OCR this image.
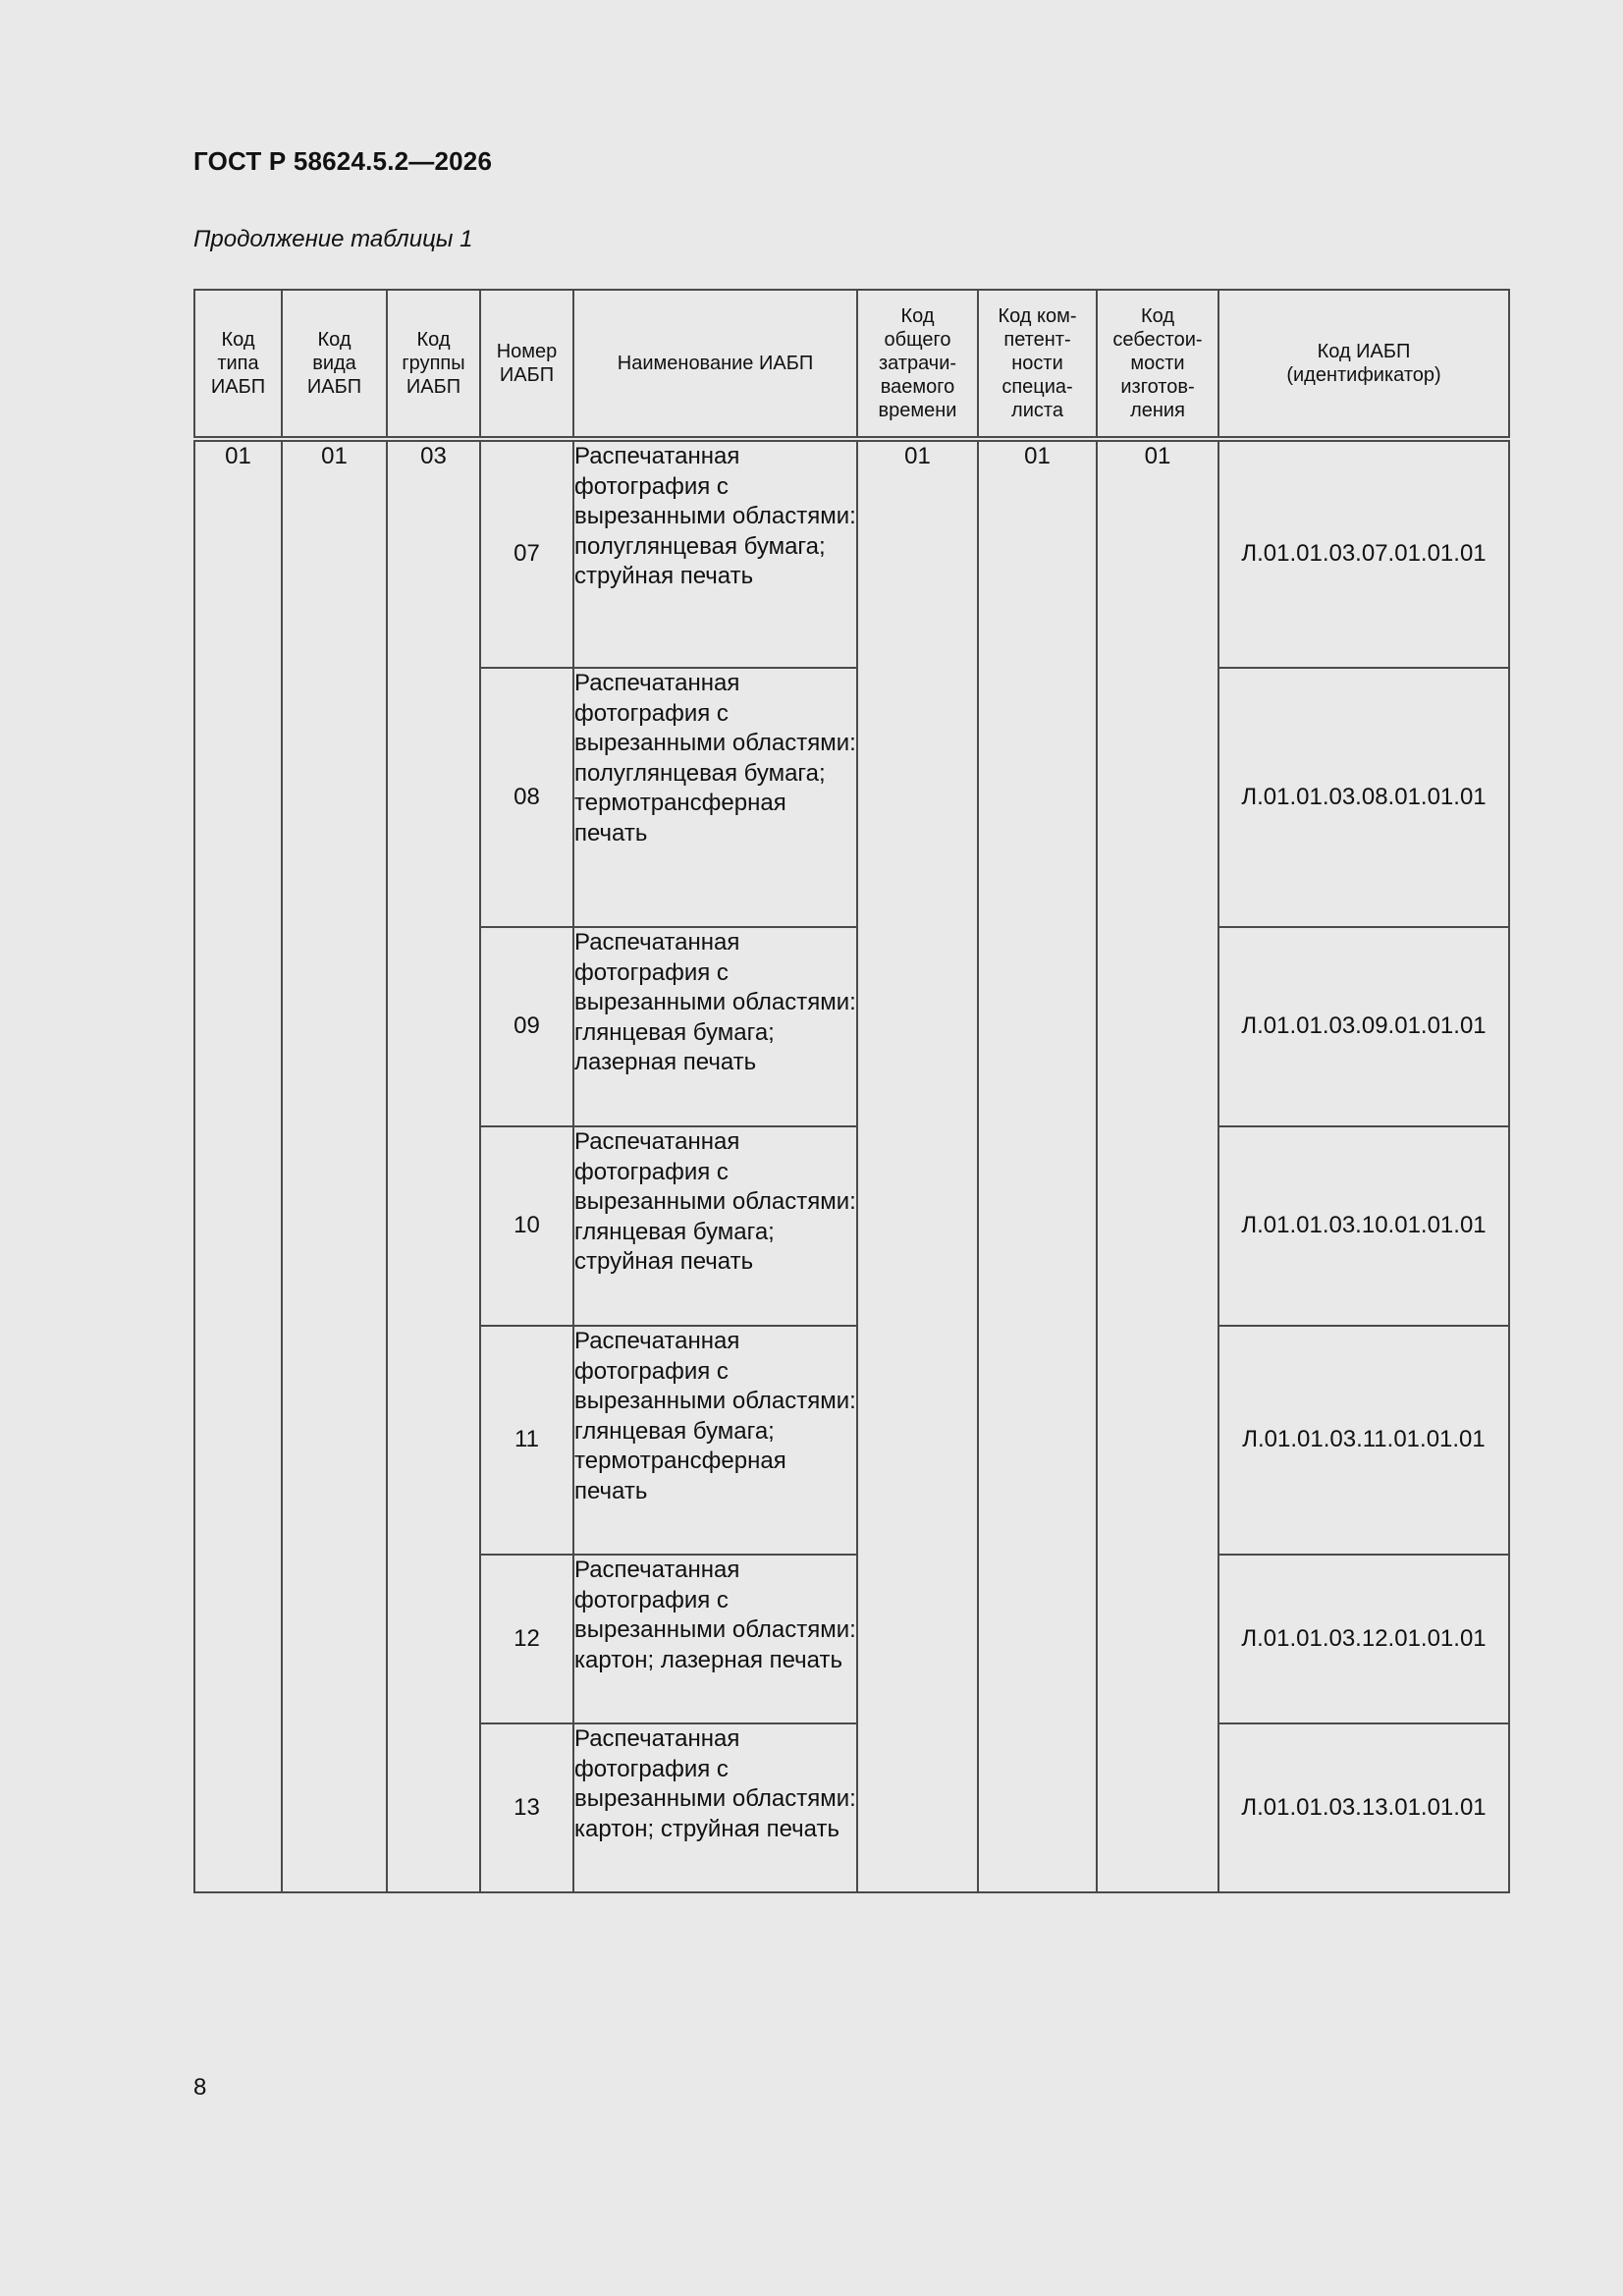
ГОСТ Р 58624.5.2—2026

Продолжение таблицы 1

Код
типа
ИАБП	Код
вида
ИАБП	Код
группы
ИАБП	Номер
ИАБП	Наименование ИАБП	Код
общего
затрачи-
ваемого
времени	Код ком-
петент-
ности
специа-
листа	Код
себестои-
мости
изготов-
ления	Код ИАБП
(идентификатор)
01	01	03	07	Распечатанная фотография с вырезанными областями: полуглянцевая бумага; струйная печать	01	01	01	Л.01.01.03.07.01.01.01
			08	Распечатанная фотография с вырезанными областями: полуглянцевая бумага; термотрансферная печать				Л.01.01.03.08.01.01.01
			09	Распечатанная фотография с вырезанными областями: глянцевая бумага; лазерная печать				Л.01.01.03.09.01.01.01
			10	Распечатанная фотография с вырезанными областями: глянцевая бумага; струйная печать				Л.01.01.03.10.01.01.01
			11	Распечатанная фотография с вырезанными областями: глянцевая бумага; термотрансферная печать				Л.01.01.03.11.01.01.01
			12	Распечатанная фотография с вырезанными областями: картон; лазерная печать				Л.01.01.03.12.01.01.01
			13	Распечатанная фотография с вырезанными областями: картон; струйная печать				Л.01.01.03.13.01.01.01

8
